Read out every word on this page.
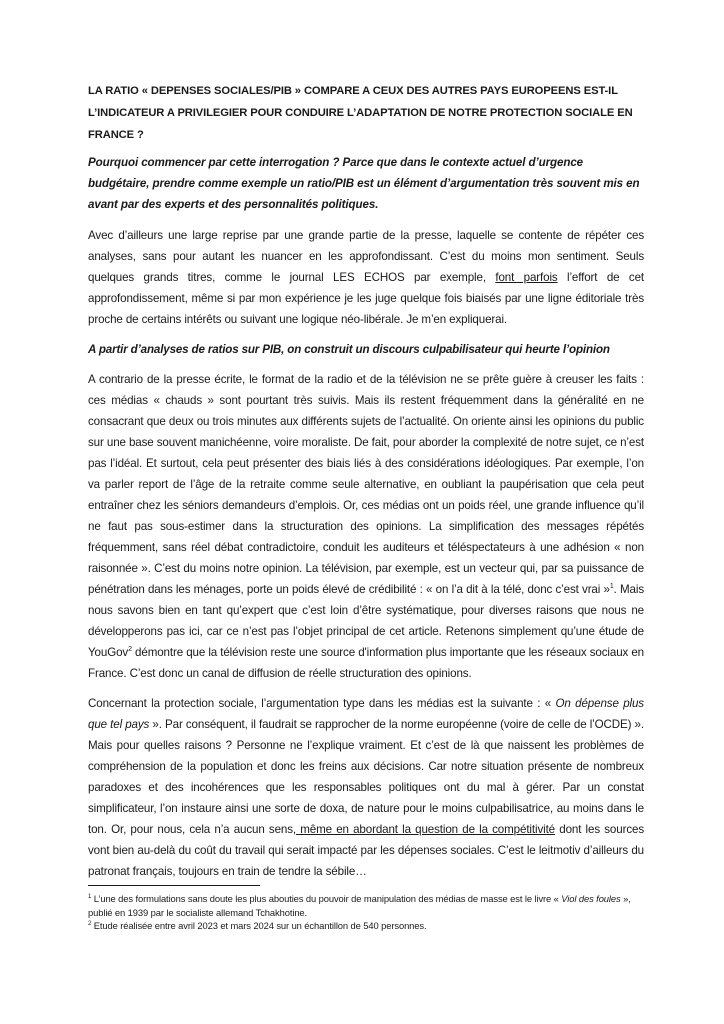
LA RATIO « DEPENSES SOCIALES/PIB » COMPARE A CEUX DES AUTRES PAYS EUROPEENS EST-IL L’INDICATEUR A PRIVILEGIER POUR CONDUIRE L’ADAPTATION DE NOTRE PROTECTION SOCIALE EN FRANCE ?

Pourquoi commencer par cette interrogation ? Parce que dans le contexte actuel d’urgence budgétaire, prendre comme exemple un ratio/PIB est un élément d’argumentation très souvent mis en avant par des experts et des personnalités politiques.

Avec d’ailleurs une large reprise par une grande partie de la presse, laquelle se contente de répéter ces analyses, sans pour autant les nuancer en les approfondissant. C’est du moins mon sentiment. Seuls quelques grands titres, comme le journal LES ECHOS par exemple, font parfois l’effort de cet approfondissement, même si par mon expérience je les juge quelque fois biaisés par une ligne éditoriale très proche de certains intérêts ou suivant une logique néo-libérale. Je m’en expliquerai.

A partir d’analyses de ratios sur PIB, on construit un discours culpabilisateur qui heurte l’opinion

A contrario de la presse écrite, le format de la radio et de la télévision ne se prête guère à creuser les faits : ces médias « chauds » sont pourtant très suivis. Mais ils restent fréquemment dans la généralité en ne consacrant que deux ou trois minutes aux différents sujets de l’actualité. On oriente ainsi les opinions du public sur une base souvent manichéenne, voire moraliste. De fait, pour aborder la complexité de notre sujet, ce n’est pas l’idéal. Et surtout, cela peut présenter des biais liés à des considérations idéologiques. Par exemple, l’on va parler report de l’âge de la retraite comme seule alternative, en oubliant la paupérisation que cela peut entraîner chez les séniors demandeurs d’emplois. Or, ces médias ont un poids réel, une grande influence qu’il ne faut pas sous-estimer dans la structuration des opinions. La simplification des messages répétés fréquemment, sans réel débat contradictoire, conduit les auditeurs et téléspectateurs à une adhésion « non raisonnée ». C’est du moins notre opinion. La télévision, par exemple, est un vecteur qui, par sa puissance de pénétration dans les ménages, porte un poids élevé de crédibilité : « on l’a dit à la télé, donc c’est vrai »$^1$. Mais nous savons bien en tant qu’expert que c’est loin d’être systématique, pour diverses raisons que nous ne développerons pas ici, car ce n’est pas l’objet principal de cet article. Retenons simplement qu’une étude de YouGov$^2$ démontre que la télévision reste une source d'information plus importante que les réseaux sociaux en France. C’est donc un canal de diffusion de réelle structuration des opinions.

Concernant la protection sociale, l’argumentation type dans les médias est la suivante : « On dépense plus que tel pays ». Par conséquent, il faudrait se rapprocher de la norme européenne (voire de celle de l’OCDE) ». Mais pour quelles raisons ? Personne ne l’explique vraiment. Et c’est de là que naissent les problèmes de compréhension de la population et donc les freins aux décisions. Car notre situation présente de nombreux paradoxes et des incohérences que les responsables politiques ont du mal à gérer. Par un constat simplificateur, l’on instaure ainsi une sorte de doxa, de nature pour le moins culpabilisatrice, au moins dans le ton. Or, pour nous, cela n’a aucun sens, même en abordant la question de la compétitivité dont les sources vont bien au-delà du coût du travail qui serait impacté par les dépenses sociales. C’est le leitmotiv d’ailleurs du patronat français, toujours en train de tendre la sébile…

$^1$ L’une des formulations sans doute les plus abouties du pouvoir de manipulation des médias de masse est le livre « Viol des foules », publié en 1939 par le socialiste allemand Tchakhotine.

$^2$ Etude réalisée entre avril 2023 et mars 2024 sur un échantillon de 540 personnes.
